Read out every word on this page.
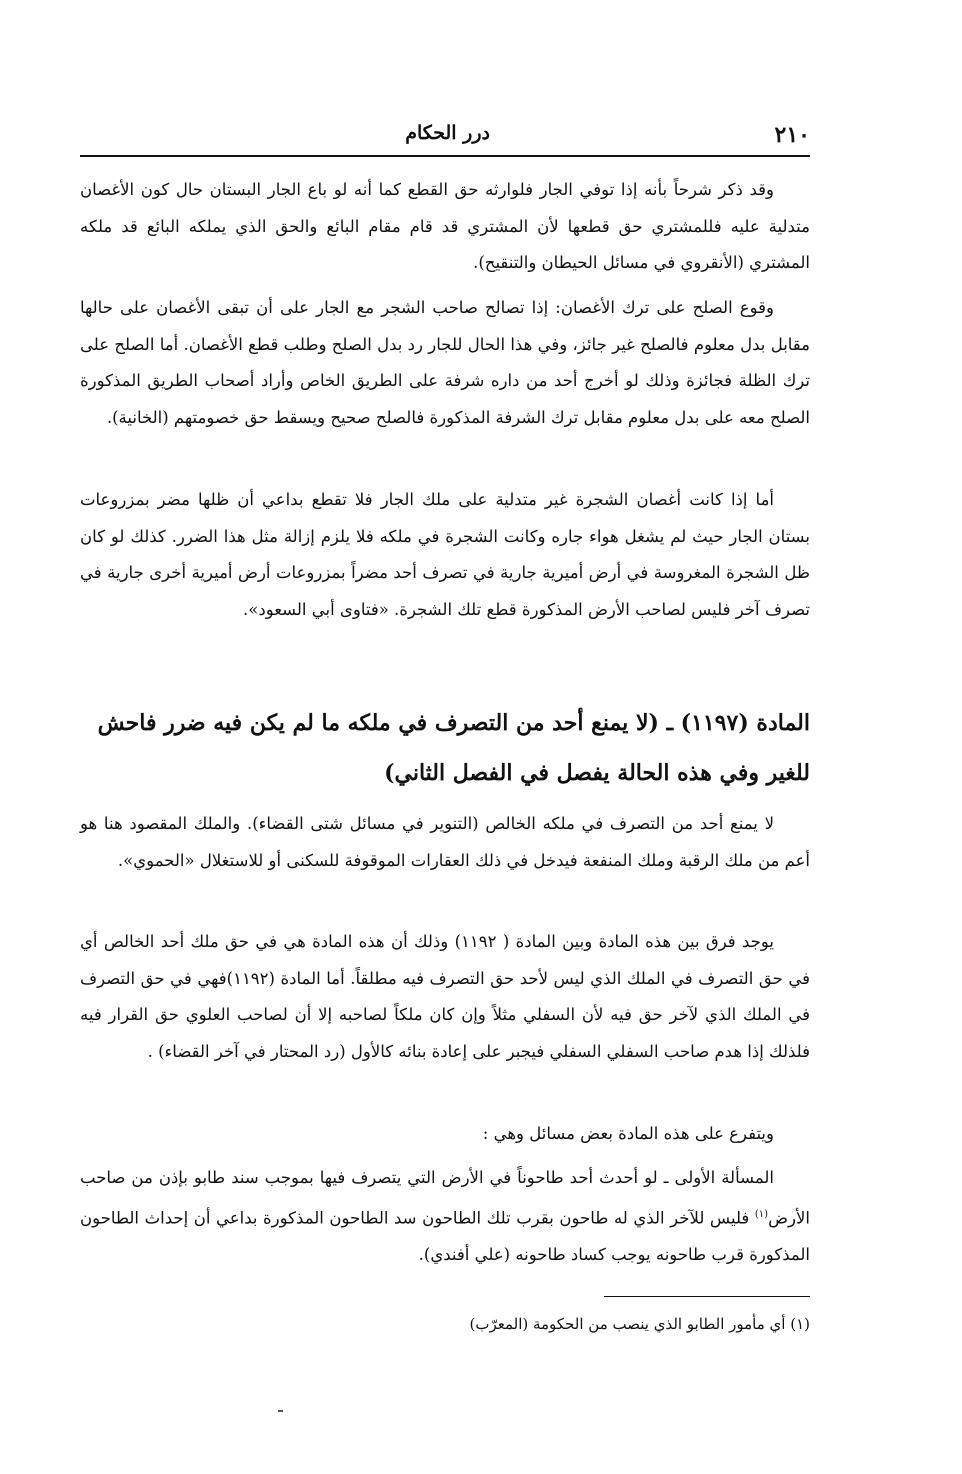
٢١٠
درر الحكام

وقد ذكر شرحاً بأنه إذا توفي الجار فلوارثه حق القطع كما أنه لو باع الجار البستان حال كون الأغصان متدلية عليه فللمشتري حق قطعها لأن المشتري قد قام مقام البائع والحق الذي يملكه البائع قد ملكه المشتري (الأنقروي في مسائل الحيطان والتنقيح).

وقوع الصلح على ترك الأغصان: إذا تصالح صاحب الشجر مع الجار على أن تبقى الأغصان على حالها مقابل بدل معلوم فالصلح غير جائز، وفي هذا الحال للجار رد بدل الصلح وطلب قطع الأغصان. أما الصلح على ترك الظلة فجائزة وذلك لو أخرج أحد من داره شرفة على الطريق الخاص وأراد أصحاب الطريق المذكورة الصلح معه على بدل معلوم مقابل ترك الشرفة المذكورة فالصلح صحيح ويسقط حق خصومتهم (الخانية).

أما إذا كانت أغصان الشجرة غير متدلية على ملك الجار فلا تقطع بداعي أن ظلها مضر بمزروعات بستان الجار حيث لم يشغل هواء جاره وكانت الشجرة في ملكه فلا يلزم إزالة مثل هذا الضرر. كذلك لو كان ظل الشجرة المغروسة في أرض أميرية جارية في تصرف أحد مضراً بمزروعات أرض أميرية أخرى جارية في تصرف آخر فليس لصاحب الأرض المذكورة قطع تلك الشجرة. «فتاوى أبي السعود».

المادة (١١٩٧) ـ (لا يمنع أحد من التصرف في ملكه ما لم يكن فيه ضرر فاحش للغير وفي هذه الحالة يفصل في الفصل الثاني)

لا يمنع أحد من التصرف في ملكه الخالص (التنوير في مسائل شتى القضاء). والملك المقصود هنا هو أعم من ملك الرقبة وملك المنفعة فيدخل في ذلك العقارات الموقوفة للسكنى أو للاستغلال «الحموي».

يوجد فرق بين هذه المادة وبين المادة ( ١١٩٢) وذلك أن هذه المادة هي في حق ملك أحد الخالص أي في حق التصرف في الملك الذي ليس لأحد حق التصرف فيه مطلقاً. أما المادة (١١٩٢)فهي في حق التصرف في الملك الذي لآخر حق فيه لأن السفلي مثلاً وإن كان ملكاً لصاحبه إلا أن لصاحب العلوي حق القرار فيه فلذلك إذا هدم صاحب السفلي السفلي فيجبر على إعادة بنائه كالأول (رد المحتار في آخر القضاء) .

ويتفرع على هذه المادة بعض مسائل وهي :

المسألة الأولى ـ لو أحدث أحد طاحوناً في الأرض التي يتصرف فيها بموجب سند طابو بإذن من صاحب الأرض$^{(١)}$ فليس للآخر الذي له طاحون بقرب تلك الطاحون سد الطاحون المذكورة بداعي أن إحداث الطاحون المذكورة قرب طاحونه يوجب كساد طاحونه (علي أفندي).

(١) أي مأمور الطابو الذي ينصب من الحكومة (المعرّب)
